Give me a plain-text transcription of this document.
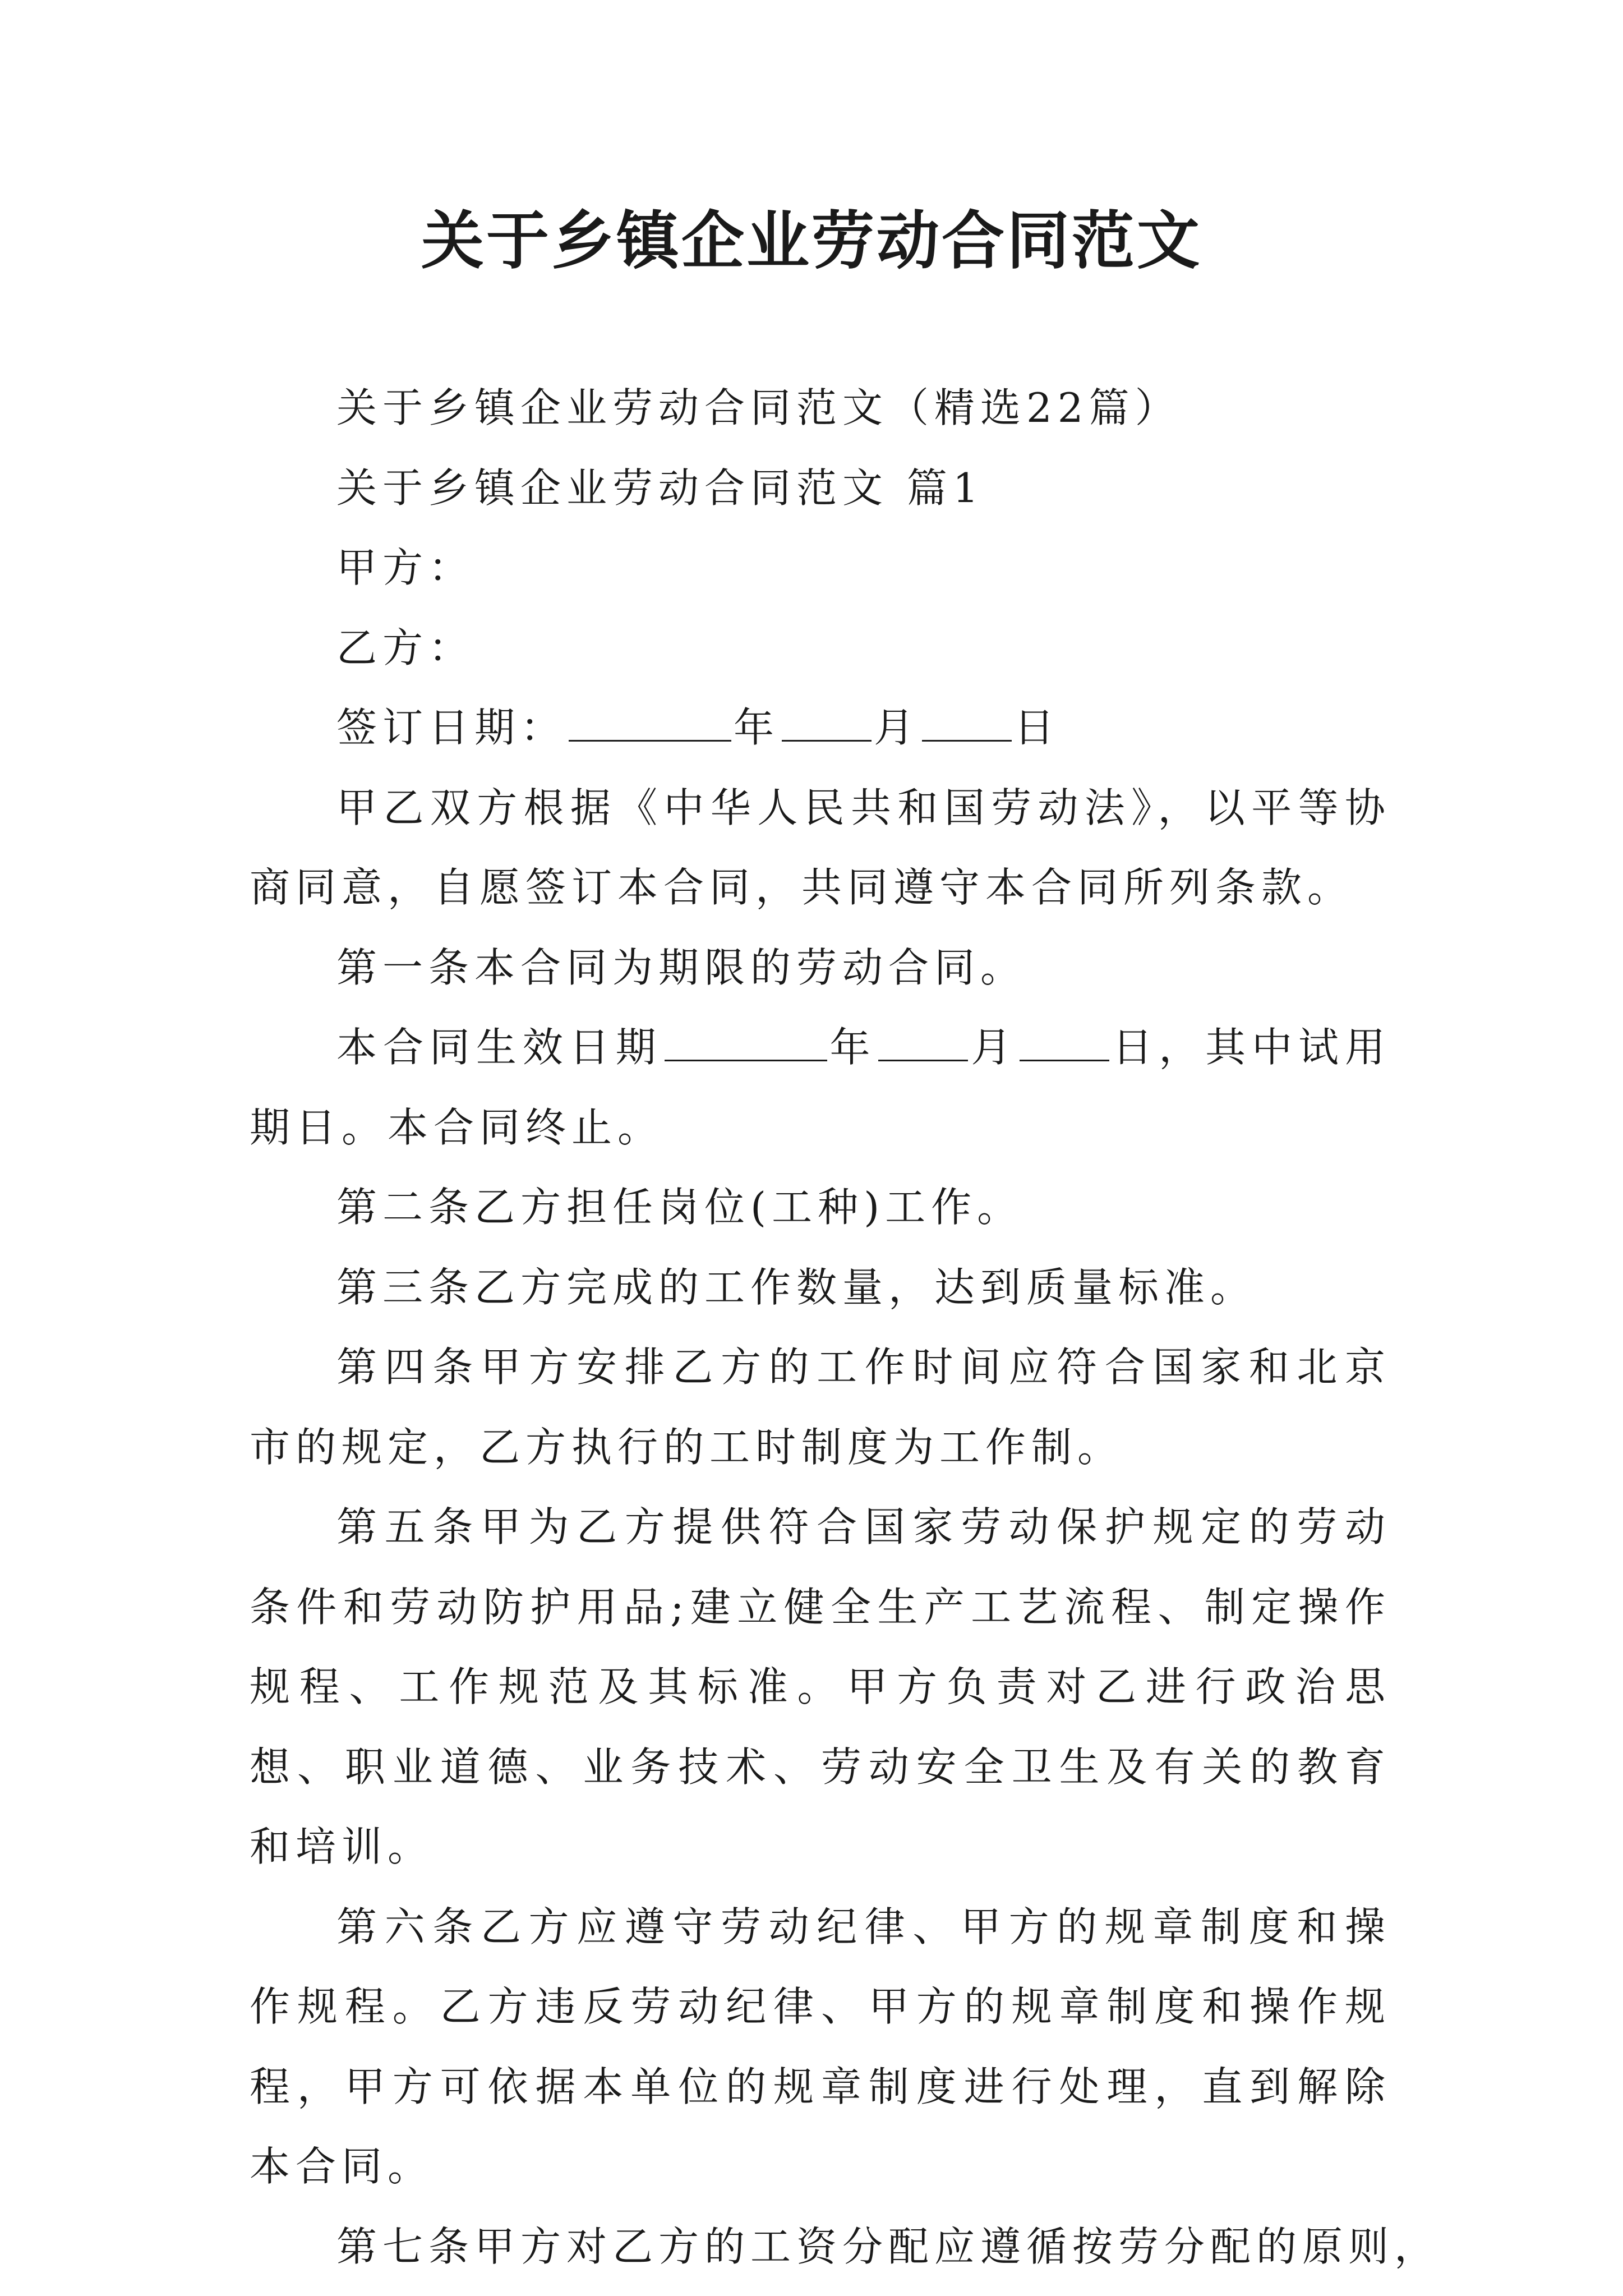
关于乡镇企业劳动合同范文

关于乡镇企业劳动合同范文（精选22篇）

关于乡镇企业劳动合同范文 篇1

甲方：

乙方：

签订日期：	年 月 日

甲乙双方根据《中华人民共和国劳动法》，以平等协商同意，自愿签订本合同，共同遵守本合同所列条款。

第一条本合同为期限的劳动合同。

本合同生效日期	年 月 日，其中试用期日。本合同终止。

第二条乙方担任岗位(工种)工作。

第三条乙方完成的工作数量，达到质量标准。

第四条甲方安排乙方的工作时间应符合国家和北京市的规定，乙方执行的工时制度为工作制。

第五条甲为乙方提供符合国家劳动保护规定的劳动条件和劳动防护用品;建立健全生产工艺流程、制定操作规程、工作规范及其标准。甲方负责对乙进行政治思想、职业道德、业务技术、劳动安全卫生及有关的教育和培训。

第六条乙方应遵守劳动纪律、甲方的规章制度和操作规程。乙方违反劳动纪律、甲方的规章制度和操作规程，甲方可依据本单位的规章制度进行处理，直到解除本合同。

第七条甲方对乙方的工资分配应遵循按劳分配的原则，
